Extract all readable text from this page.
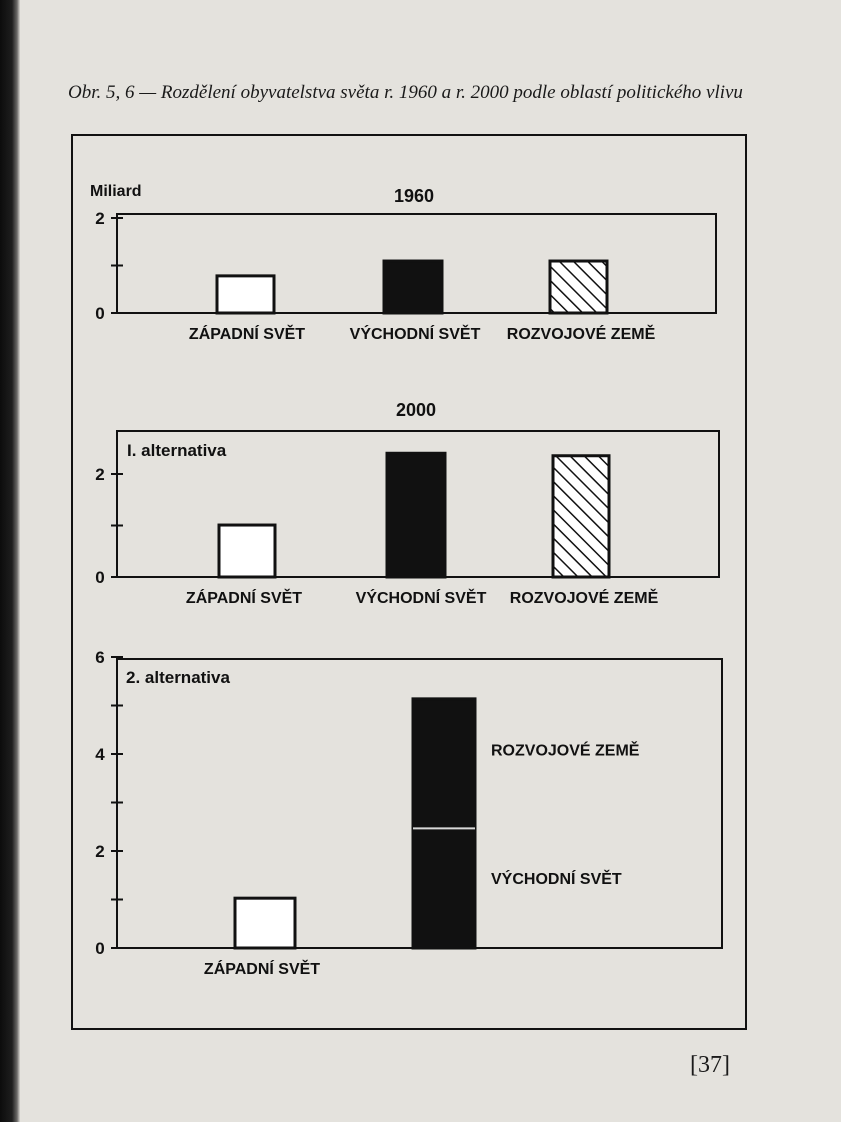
Obr. 5, 6 — Rozdělení obyvatelstva světa r. 1960 a r. 2000 podle oblastí politického vlivu
1960
Miliard
0
2
ZÁPADNÍ SVĚT	VÝCHODNÍ SVĚT ROZVOJOVÉ ZEMĚ
2000
I. alternativa
0
2
ZÁPADNÍ SVĚT	VÝCHODNÍ SVĚT ROZVOJOVÉ ZEMĚ
2. alternativa
0
2
4
6
VÝCHODNÍ SVĚT
ROZVOJOVÉ ZEMĚ
ZÁPADNÍ SVĚT
[37]
